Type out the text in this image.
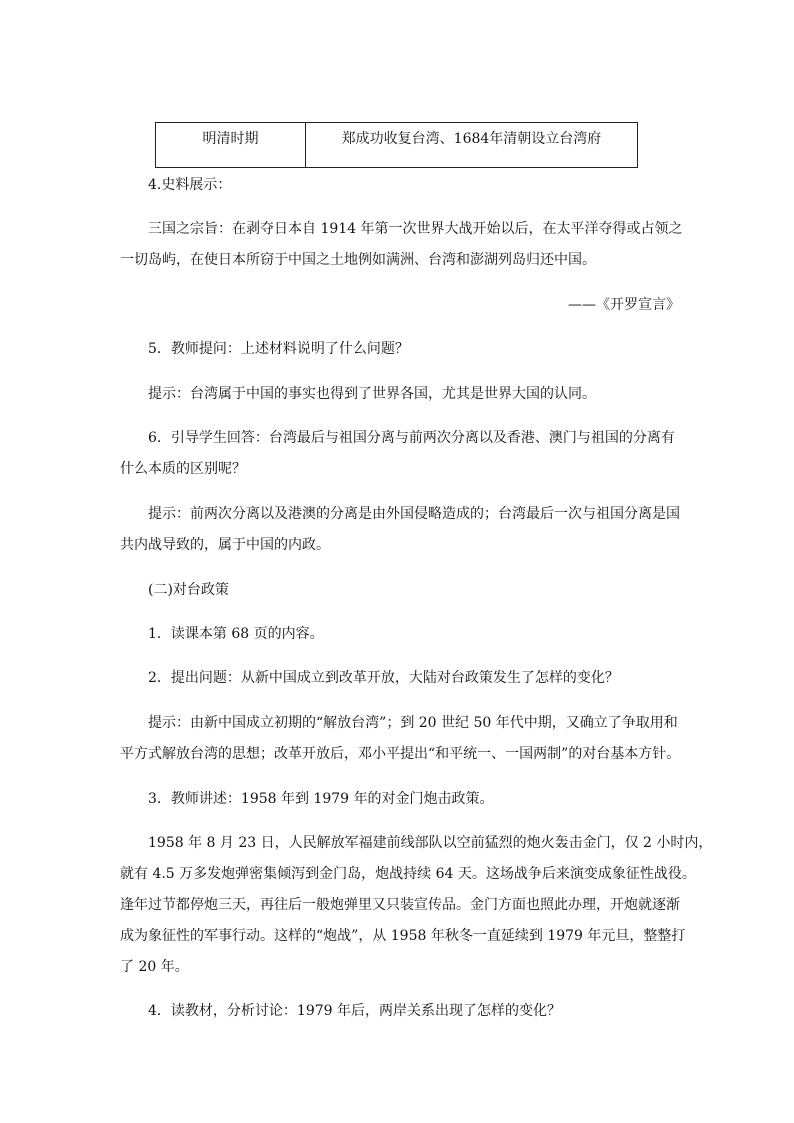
明清时期	郑成功收复台湾、1684年清朝设立台湾府
4.史料展示：
三国之宗旨：在剥夺日本自 1914 年第一次世界大战开始以后，在太平洋夺得或占领之
一切岛屿，在使日本所窃于中国之土地例如满洲、台湾和澎湖列岛归还中国。
——《开罗宣言》
5．教师提问：上述材料说明了什么问题？
提示：台湾属于中国的事实也得到了世界各国，尤其是世界大国的认同。
6．引导学生回答：台湾最后与祖国分离与前两次分离以及香港、澳门与祖国的分离有
什么本质的区别呢？
提示：前两次分离以及港澳的分离是由外国侵略造成的；台湾最后一次与祖国分离是国
共内战导致的，属于中国的内政。
(二)对台政策
1．读课本第 68 页的内容。
2．提出问题：从新中国成立到改革开放，大陆对台政策发生了怎样的变化？
提示：由新中国成立初期的“解放台湾”；到 20 世纪 50 年代中期，又确立了争取用和
平方式解放台湾的思想；改革开放后，邓小平提出“和平统一、一国两制”的对台基本方针。
3．教师讲述：1958 年到 1979 年的对金门炮击政策。
1958 年 8 月 23 日，人民解放军福建前线部队以空前猛烈的炮火轰击金门，仅 2 小时内，
就有 4.5 万多发炮弹密集倾泻到金门岛，炮战持续 64 天。这场战争后来演变成象征性战役。
逢年过节都停炮三天，再往后一般炮弹里又只装宣传品。金门方面也照此办理，开炮就逐渐
成为象征性的军事行动。这样的“炮战”，从 1958 年秋冬一直延续到 1979 年元旦，整整打
了 20 年。
4．读教材，分析讨论：1979 年后，两岸关系出现了怎样的变化？
